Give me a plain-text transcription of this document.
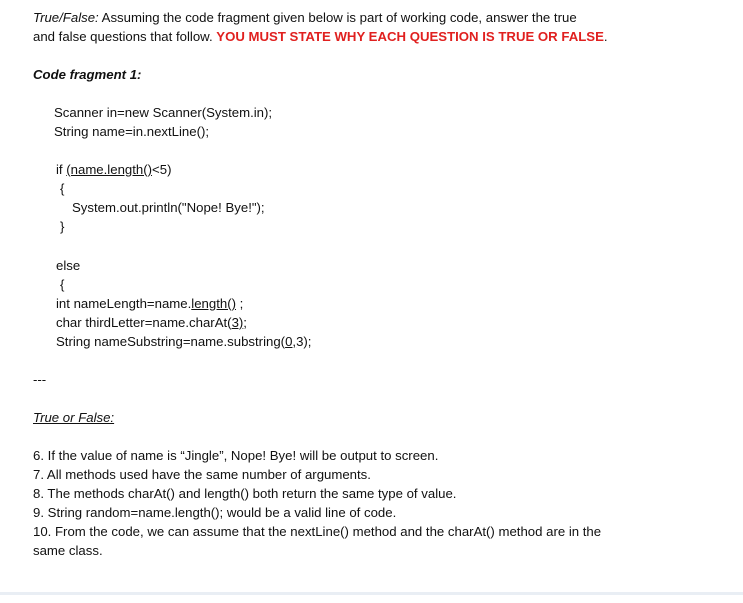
True/False: Assuming the code fragment given below is part of working code, answer the true
and false questions that follow. YOU MUST STATE WHY EACH QUESTION IS TRUE OR FALSE.
Code fragment 1:
Scanner in=new Scanner(System.in);
String name=in.nextLine();
if (name.length()<5)
{
System.out.println("Nope! Bye!");
}
else
{
int nameLength=name.length() ;
char thirdLetter=name.charAt(3);
String nameSubstring=name.substring(0,3);
---
True or False:
6. If the value of name is “Jingle”, Nope! Bye! will be output to screen.
7. All methods used have the same number of arguments.
8. The methods charAt() and length() both return the same type of value.
9. String random=name.length(); would be a valid line of code.
10. From the code, we can assume that the nextLine() method and the charAt() method are in the
same class.
